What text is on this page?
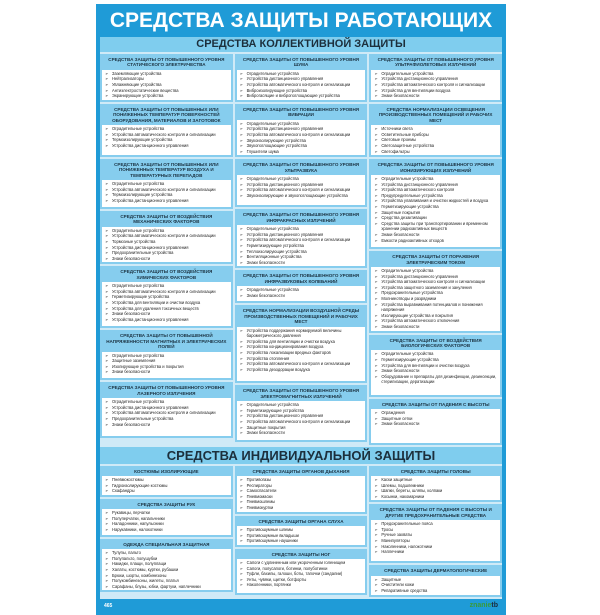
СРЕДСТВА ЗАЩИТЫ РАБОТАЮЩИХ
СРЕДСТВА КОЛЛЕКТИВНОЙ ЗАЩИТЫ
СРЕДСТВА ЗАЩИТЫ ОТ ПОВЫШЕННОГО УРОВНЯ СТАТИЧЕСКОГО ЭЛЕКТРИЧЕСТВА
➢ Заземляющие устройства
➢ Нейтрализаторы
➢ Увлажняющие устройства
➢ Антиэлектростатические вещества
➢ Экранирующие устройства
СРЕДСТВА ЗАЩИТЫ ОТ ПОВЫШЕННЫХ ИЛИ ПОНИЖЕННЫХ ТЕМПЕРАТУР ПОВЕРХНОСТЕЙ ОБОРУДОВАНИЯ, МАТЕРИАЛОВ И ЗАГОТОВОК
➢ Оградительные устройства
➢ Устройства автоматического контроля и сигнализации
➢ Термоизолирующие устройства
➢ Устройства дистанционного управления
СРЕДСТВА ЗАЩИТЫ ОТ ПОВЫШЕННЫХ ИЛИ ПОНИЖЕННЫХ ТЕМПЕРАТУР ВОЗДУХА И ТЕМПЕРАТУРНЫХ ПЕРЕПАДОВ
➢ Оградительные устройства
➢ Устройства автоматического контроля и сигнализации
➢ Термоизолирующие устройства
➢ Устройства дистанционного управления
СРЕДСТВА ЗАЩИТЫ ОТ ВОЗДЕЙСТВИЯ МЕХАНИЧЕСКИХ ФАКТОРОВ
➢ Оградительные устройства
➢ Устройства автоматического контроля и сигнализации
➢ Тормозные устройства
➢ Устройства дистанционного управления
➢ Предохранительные устройства
➢ Знаки безопасности
СРЕДСТВА ЗАЩИТЫ ОТ ВОЗДЕЙСТВИЯ ХИМИЧЕСКИХ ФАКТОРОВ
➢ Оградительные устройства
➢ Устройства автоматического контроля и сигнализации
➢ Герметизирующие устройства
➢ Устройства для вентиляции и очистки воздуха
➢ Устройства для удаления токсичных веществ
➢ Знаки безопасности
➢ Устройства дистанционного управления
СРЕДСТВА ЗАЩИТЫ ОТ ПОВЫШЕННОЙ НАПРЯЖЕННОСТИ МАГНИТНЫХ И ЭЛЕКТРИЧЕСКИХ ПОЛЕЙ
➢ Оградительные устройства
➢ Защитные заземления
➢ Изолирующие устройства и покрытия
➢ Знаки безопасности
СРЕДСТВА ЗАЩИТЫ ОТ ПОВЫШЕННОГО УРОВНЯ ЛАЗЕРНОГО ИЗЛУЧЕНИЯ
➢ Оградительные устройства
➢ Устройства дистанционного управления
➢ Устройства автоматического контроля и сигнализации
➢ Предохранительные устройства
➢ Знаки безопасности
СРЕДСТВА ЗАЩИТЫ ОТ ПОВЫШЕННОГО УРОВНЯ ШУМА
➢ Оградительные устройства
➢ Устройства дистанционного управления
➢ Устройства автоматического контроля и сигнализации
➢ Виброизолирующие устройства
➢ Виброгасящие и вибропоглощающие устройства
СРЕДСТВА ЗАЩИТЫ ОТ ПОВЫШЕННОГО УРОВНЯ ВИБРАЦИИ
➢ Оградительные устройства
➢ Устройства дистанционного управления
➢ Устройства автоматического контроля и сигнализации
➢ Звукоизолирующие устройства
➢ Звукопоглощающие устройства
➢ Глушители шума
СРЕДСТВА ЗАЩИТЫ ОТ ПОВЫШЕННОГО УРОВНЯ УЛЬТРАЗВУКА
➢ Оградительные устройства
➢ Устройства дистанционного управления
➢ Устройства автоматического контроля и сигнализации
➢ Звукоизолирующие и звукопоглощающие устройства
СРЕДСТВА ЗАЩИТЫ ОТ ПОВЫШЕННОГО УРОВНЯ ИНФРАКРАСНЫХ ИЗЛУЧЕНИЙ
➢ Оградительные устройства
➢ Устройства дистанционного управления
➢ Устройства автоматического контроля и сигнализации
➢ Герметизирующие устройства
➢ Теплоизолирующие устройства
➢ Вентиляционные устройства
➢ Знаки безопасности
СРЕДСТВА ЗАЩИТЫ ОТ ПОВЫШЕННОГО УРОВНЯ ИНФРАЗВУКОВЫХ КОЛЕБАНИЙ
➢ Оградительные устройства
➢ Знаки безопасности
СРЕДСТВА НОРМАЛИЗАЦИИ ВОЗДУШНОЙ СРЕДЫ ПРОИЗВОДСТВЕННЫХ ПОМЕЩЕНИЙ И РАБОЧИХ МЕСТ
➢ Устройства поддержания нормируемой величины барометрического давления
➢ Устройства для вентиляции и очистки воздуха
➢ Устройства кондиционирования воздуха
➢ Устройства локализации вредных факторов
➢ Устройства отопления
➢ Устройства автоматического контроля и сигнализации
➢ Устройства дезодорации воздуха
СРЕДСТВА ЗАЩИТЫ ОТ ПОВЫШЕННОГО УРОВНЯ ЭЛЕКТРОМАГНИТНЫХ ИЗЛУЧЕНИЙ
➢ Оградительные устройства
➢ Герметизирующие устройства
➢ Устройства дистанционного управления
➢ Устройства автоматического контроля и сигнализации
➢ Защитные покрытия
➢ Знаки безопасности
СРЕДСТВА ЗАЩИТЫ ОТ ПОВЫШЕННОГО УРОВНЯ УЛЬТРАФИОЛЕТОВЫХ ИЗЛУЧЕНИЙ
➢ Оградительные устройства
➢ Устройства дистанционного управления
➢ Устройства автоматического контроля и сигнализации
➢ Устройства для вентиляции воздуха
➢ Знаки безопасности
СРЕДСТВА НОРМАЛИЗАЦИИ ОСВЕЩЕНИЯ ПРОИЗВОДСТВЕННЫХ ПОМЕЩЕНИЙ И РАБОЧИХ МЕСТ
➢ Источники света
➢ Осветительные приборы
➢ Световые проемы
➢ Светозащитные устройства
➢ Светофильтры
СРЕДСТВА ЗАЩИТЫ ОТ ПОВЫШЕННОГО УРОВНЯ ИОНИЗИРУЮЩИХ ИЗЛУЧЕНИЙ
➢ Оградительные устройства
➢ Устройства дистанционного управления
➢ Устройства автоматического контроля
➢ Предупредительные устройства
➢ Устройства улавливания и очистки жидкостей и воздуха
➢ Герметизирующие устройства
➢ Защитные покрытия
➢ Средства дезактивации
➢ Средства защиты при транспортировании и временном хранении радиоактивных веществ
➢ Знаки безопасности
➢ Емкости радиоактивных отходов
СРЕДСТВА ЗАЩИТЫ ОТ ПОРАЖЕНИЯ ЭЛЕКТРИЧЕСКИМ ТОКОМ
➢ Оградительные устройства
➢ Устройства дистанционного управления
➢ Устройства автоматического контроля и сигнализации
➢ Устройства защитного заземления и зануления
➢ Предохранительные устройства
➢ Молниеотводы и разрядники
➢ Устройства выравнивания потенциалов и понижения напряжения
➢ Изолирующие устройства и покрытия
➢ Устройства автоматического отключения
➢ Знаки безопасности
СРЕДСТВА ЗАЩИТЫ ОТ ВОЗДЕЙСТВИЯ БИОЛОГИЧЕСКИХ ФАКТОРОВ
➢ Оградительные устройства
➢ Герметизирующие устройства
➢ Устройства для вентиляции и очистки воздуха
➢ Знаки безопасности
➢ Оборудование и препараты для дезинфекции, дезинсекции, стерилизации, дератизации
СРЕДСТВА ЗАЩИТЫ ОТ ПАДЕНИЯ С ВЫСОТЫ
➢ Ограждения
➢ Защитные сетки
➢ Знаки безопасности
СРЕДСТВА ИНДИВИДУАЛЬНОЙ ЗАЩИТЫ
КОСТЮМЫ ИЗОЛИРУЮЩИЕ
➢ Пневмокостюмы
➢ Гидроизолирующие костюмы
➢ Скафандры
СРЕДСТВА ЗАЩИТЫ РУК
➢ Рукавицы, перчатки
➢ Полуперчатки, напальчники
➢ Наладонники, напульсники
➢ Нарукавники, налокотники
ОДЕЖДА СПЕЦИАЛЬНАЯ ЗАЩИТНАЯ
➢ Тулупы, пальто
➢ Полупальто, полушубки
➢ Накидки, плащи, полуплащи
➢ Халаты, костюмы, куртки, рубашки
➢ Брюки, шорты, комбинезоны
➢ Полукомбинезоны, жилеты, платья
➢ Сарафаны, блузы, юбки, фартуки, наплечники
СРЕДСТВА ЗАЩИТЫ ОРГАНОВ ДЫХАНИЯ
➢ Противогазы
➢ Респираторы
➢ Самоспасатели
➢ Пневмомаски
➢ Пневмошлемы
➢ Пневмокуртки
СРЕДСТВА ЗАЩИТЫ ОРГАНА СЛУХА
➢ Противошумные шлемы
➢ Противошумные вкладыши
➢ Противошумные наушники
СРЕДСТВА ЗАЩИТЫ НОГ
➢ Сапоги с удлиненным или укороченным голенищем
➢ Сапоги, полусапоги, ботинки, полуботинки
➢ Туфли, бахилы, галоши, боты, тапочки (сандалии)
➢ Унты, чувяки, щитки, ботфорты
➢ Наколенники, портянки
СРЕДСТВА ЗАЩИТЫ ГОЛОВЫ
➢ Каски защитные
➢ Шлемы, подшлемники
➢ Шапки, береты, шляпы, колпаки
➢ Косынки, накомарники
СРЕДСТВА ЗАЩИТЫ ОТ ПАДЕНИЯ С ВЫСОТЫ И ДРУГИЕ ПРЕДОХРАНИТЕЛЬНЫЕ СРЕДСТВА
➢ Предохранительные пояса
➢ Тросы
➢ Ручные захваты
➢ Манипуляторы
➢ Наколенники, налокотники
➢ Наплечники
СРЕДСТВА ЗАЩИТЫ ДЕРМАТОЛОГИЧЕСКИЕ
➢ Защитные
➢ Очистители кожи
➢ Репаративные средства
465	znanietb
